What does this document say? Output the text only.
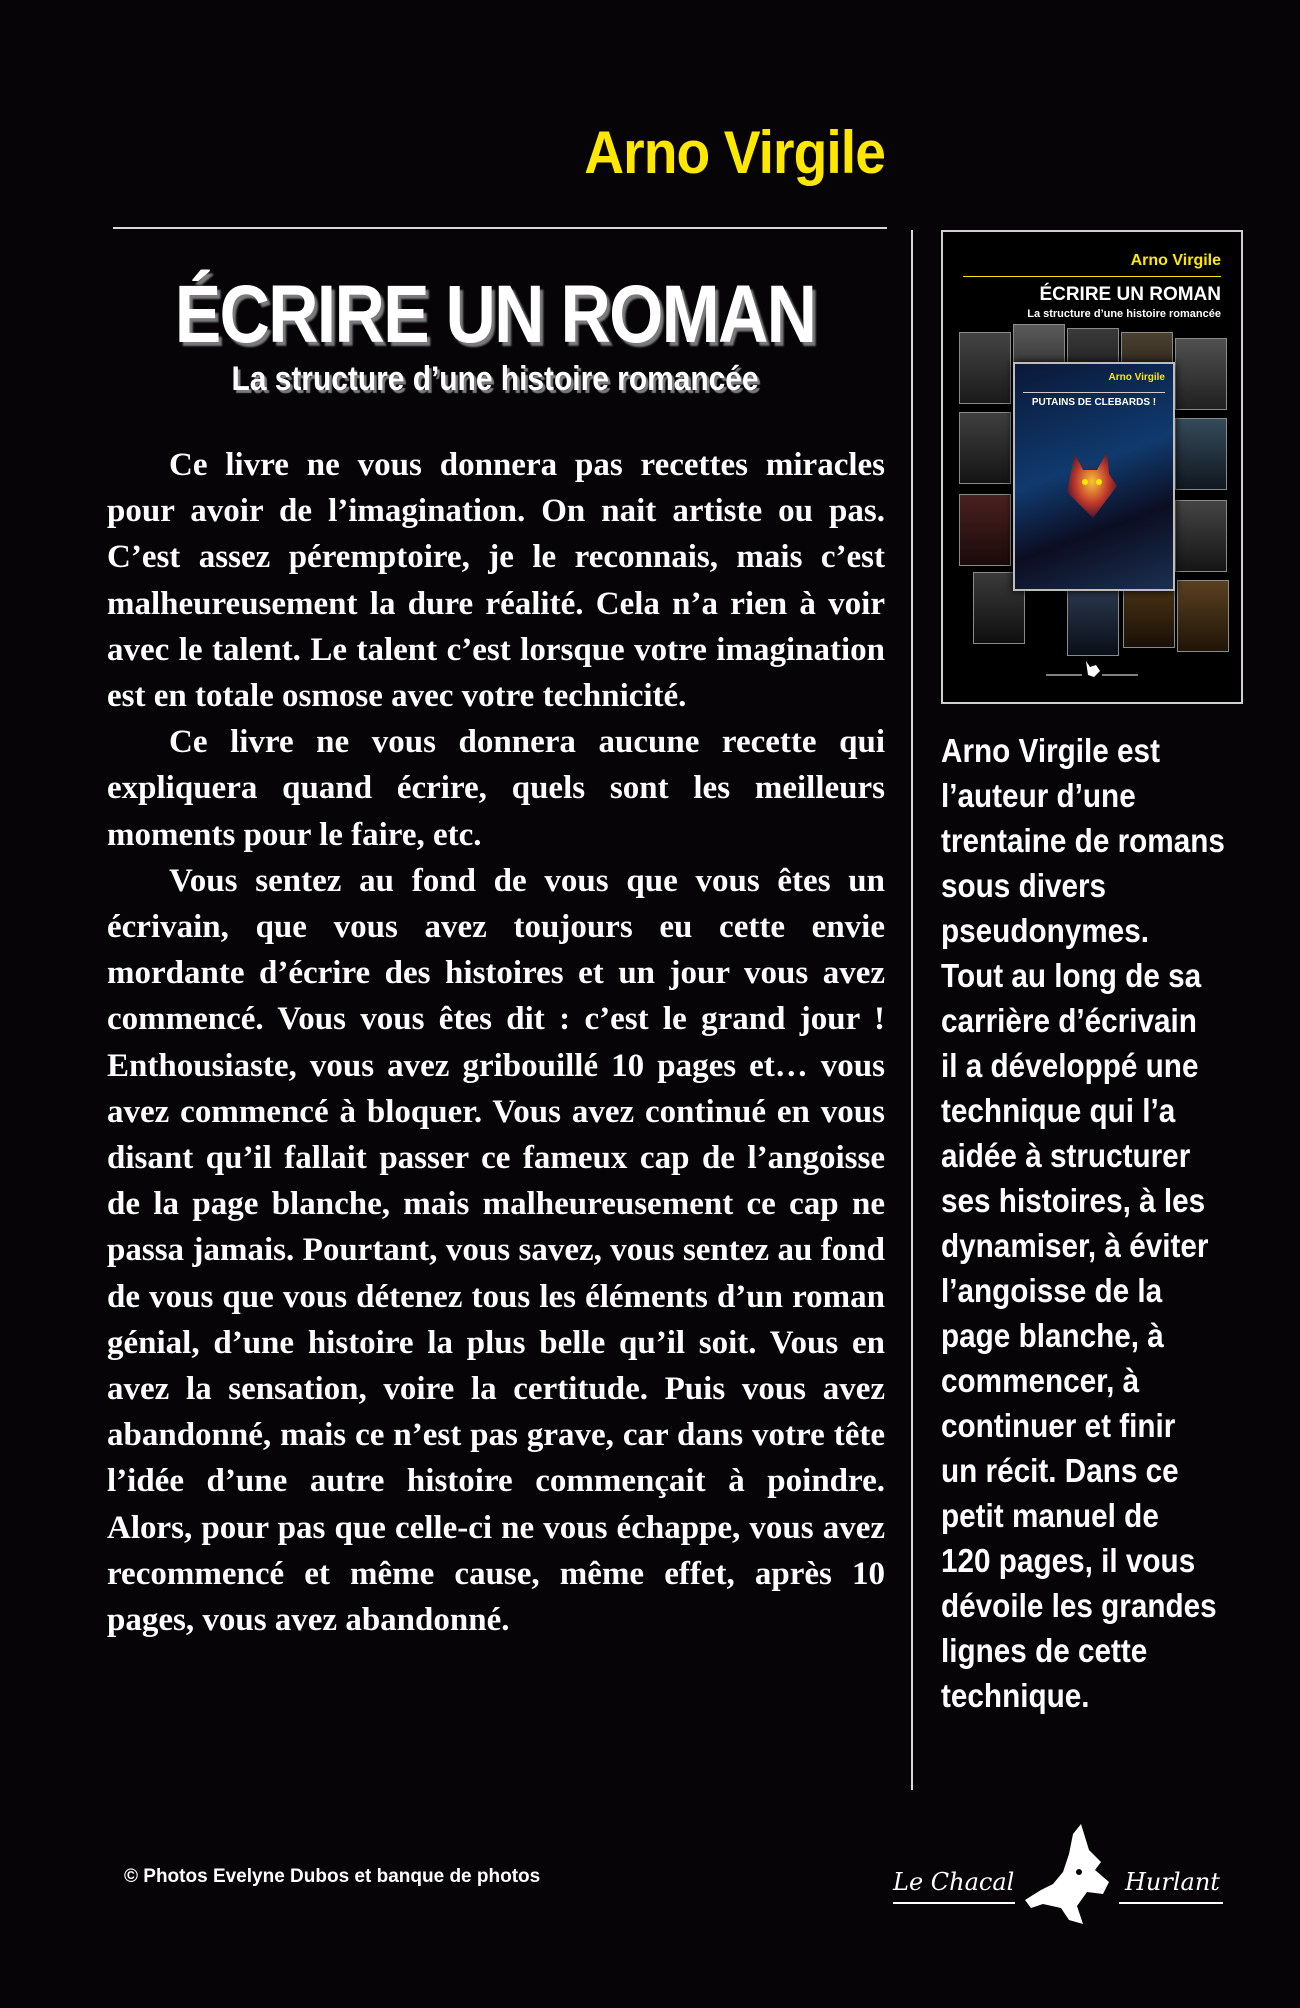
Arno Virgile
ÉCRIRE UN ROMAN
La structure d’une histoire romancée

Ce livre ne vous donnera pas recettes miracles pour avoir de l’imagination. On nait artiste ou pas. C’est assez péremptoire, je le reconnais, mais c’est malheureusement la dure réalité. Cela n’a rien à voir avec le talent. Le talent c’est lorsque votre imagination est en totale osmose avec votre technicité.

Ce livre ne vous donnera aucune recette qui expliquera quand écrire, quels sont les meilleurs moments pour le faire, etc.

Vous sentez au fond de vous que vous êtes un écrivain, que vous avez toujours eu cette envie mordante d’écrire des histoires et un jour vous avez commencé. Vous vous êtes dit : c’est le grand jour ! Enthousiaste, vous avez gribouillé 10 pages et… vous avez commencé à bloquer. Vous avez continué en vous disant qu’il fallait passer ce fameux cap de l’angoisse de la page blanche, mais malheureusement ce cap ne passa jamais. Pourtant, vous savez, vous sentez au fond de vous que vous détenez tous les éléments d’un roman génial, d’une histoire la plus belle qu’il soit. Vous en avez la sensation, voire la certitude. Puis vous avez abandonné, mais ce n’est pas grave, car dans votre tête l’idée d’une autre histoire commençait à poindre. Alors, pour pas que celle-ci ne vous échappe, vous avez recommencé et même cause, même effet, après 10 pages, vous avez abandonné.

Arno Virgile
ÉCRIRE UN ROMAN
La structure d’une histoire romancée
Arno Virgile
PUTAINS DE CLEBARDS !
Arno Virgile est
l’auteur d’une
trentaine de romans
sous divers
pseudonymes.
Tout au long de sa
carrière d’écrivain
il a développé une
technique qui l’a
aidée à structurer
ses histoires, à les
dynamiser, à éviter
l’angoisse de la
page blanche, à
commencer, à
continuer et finir
un récit. Dans ce
petit manuel de
120 pages, il vous
dévoile les grandes
lignes de cette
technique.
© Photos Evelyne Dubos et banque de photos	Le Chacal	Hurlant
